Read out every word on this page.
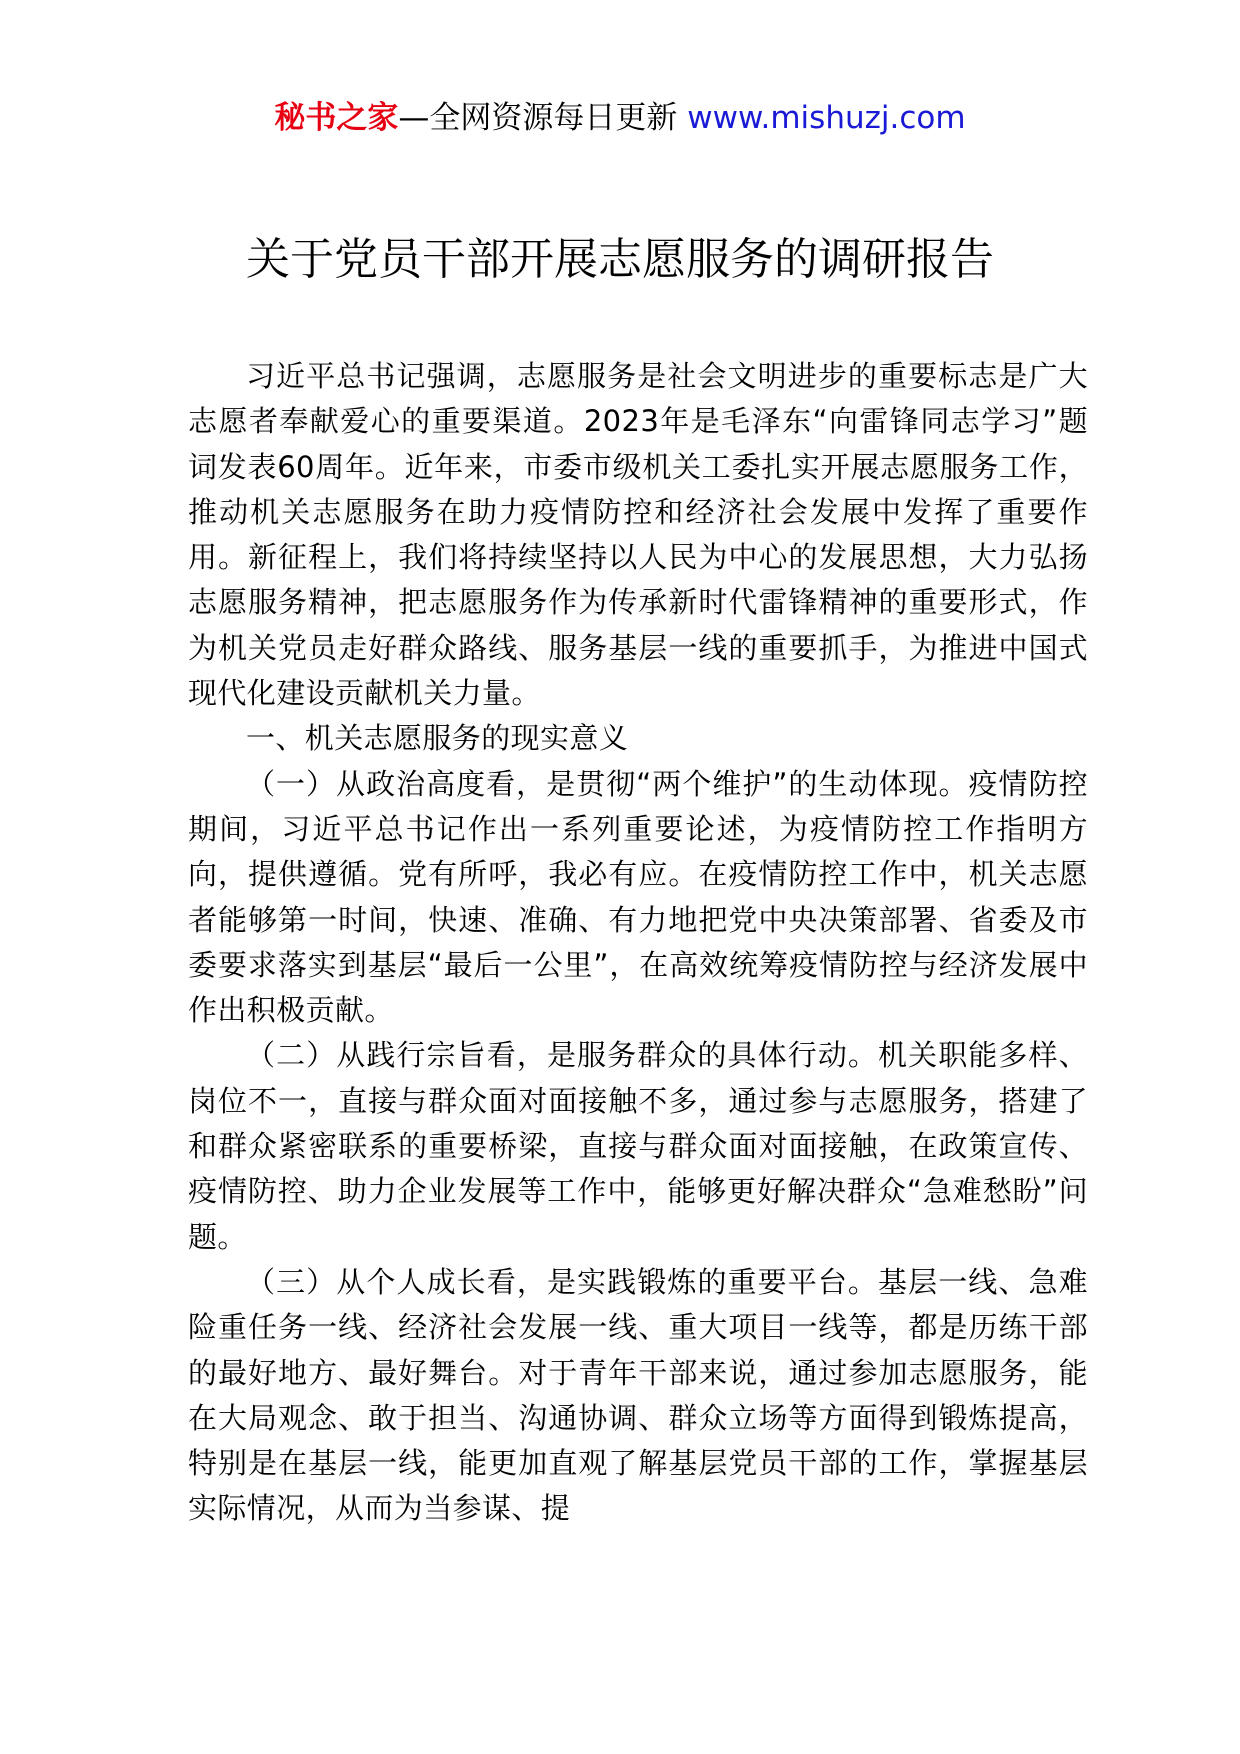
秘书之家—全网资源每日更新 www.mishuzj.com
关于党员干部开展志愿服务的调研报告

习近平总书记强调，志愿服务是社会文明进步的重要标志是广大志愿者奉献爱心的重要渠道。2023年是毛泽东“向雷锋同志学习”题词发表60周年。近年来，市委市级机关工委扎实开展志愿服务工作，推动机关志愿服务在助力疫情防控和经济社会发展中发挥了重要作用。新征程上，我们将持续坚持以人民为中心的发展思想，大力弘扬志愿服务精神，把志愿服务作为传承新时代雷锋精神的重要形式，作为机关党员走好群众路线、服务基层一线的重要抓手，为推进中国式现代化建设贡献机关力量。

一、机关志愿服务的现实意义

（一）从政治高度看，是贯彻“两个维护”的生动体现。疫情防控期间，习近平总书记作出一系列重要论述，为疫情防控工作指明方向，提供遵循。党有所呼，我必有应。在疫情防控工作中，机关志愿者能够第一时间，快速、准确、有力地把党中央决策部署、省委及市委要求落实到基层“最后一公里”，在高效统筹疫情防控与经济发展中作出积极贡献。

（二）从践行宗旨看，是服务群众的具体行动。机关职能多样、岗位不一，直接与群众面对面接触不多，通过参与志愿服务，搭建了和群众紧密联系的重要桥梁，直接与群众面对面接触，在政策宣传、疫情防控、助力企业发展等工作中，能够更好解决群众“急难愁盼”问题。

（三）从个人成长看，是实践锻炼的重要平台。基层一线、急难险重任务一线、经济社会发展一线、重大项目一线等，都是历练干部的最好地方、最好舞台。对于青年干部来说，通过参加志愿服务，能在大局观念、敢于担当、沟通协调、群众立场等方面得到锻炼提高，特别是在基层一线，能更加直观了解基层党员干部的工作，掌握基层实际情况，从而为当参谋、提
